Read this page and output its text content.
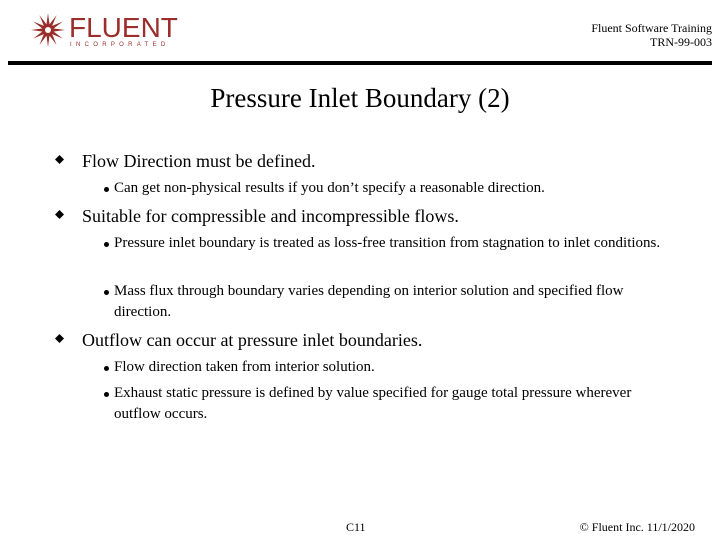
FLUENT
INCORPORATED
Fluent Software Training
TRN-99-003
Pressure Inlet Boundary (2)
Flow Direction must be defined.
Can get non-physical results if you don’t specify a reasonable direction.
Suitable for compressible and incompressible flows.
Pressure inlet boundary is treated as loss-free transition from stagnation to inlet conditions.
Mass flux through boundary varies depending on interior solution and specified flow direction.
Outflow can occur at pressure inlet boundaries.
Flow direction taken from interior solution.
Exhaust static pressure is defined by value specified for gauge total pressure wherever outflow occurs.
C11	© Fluent Inc. 11/1/2020
